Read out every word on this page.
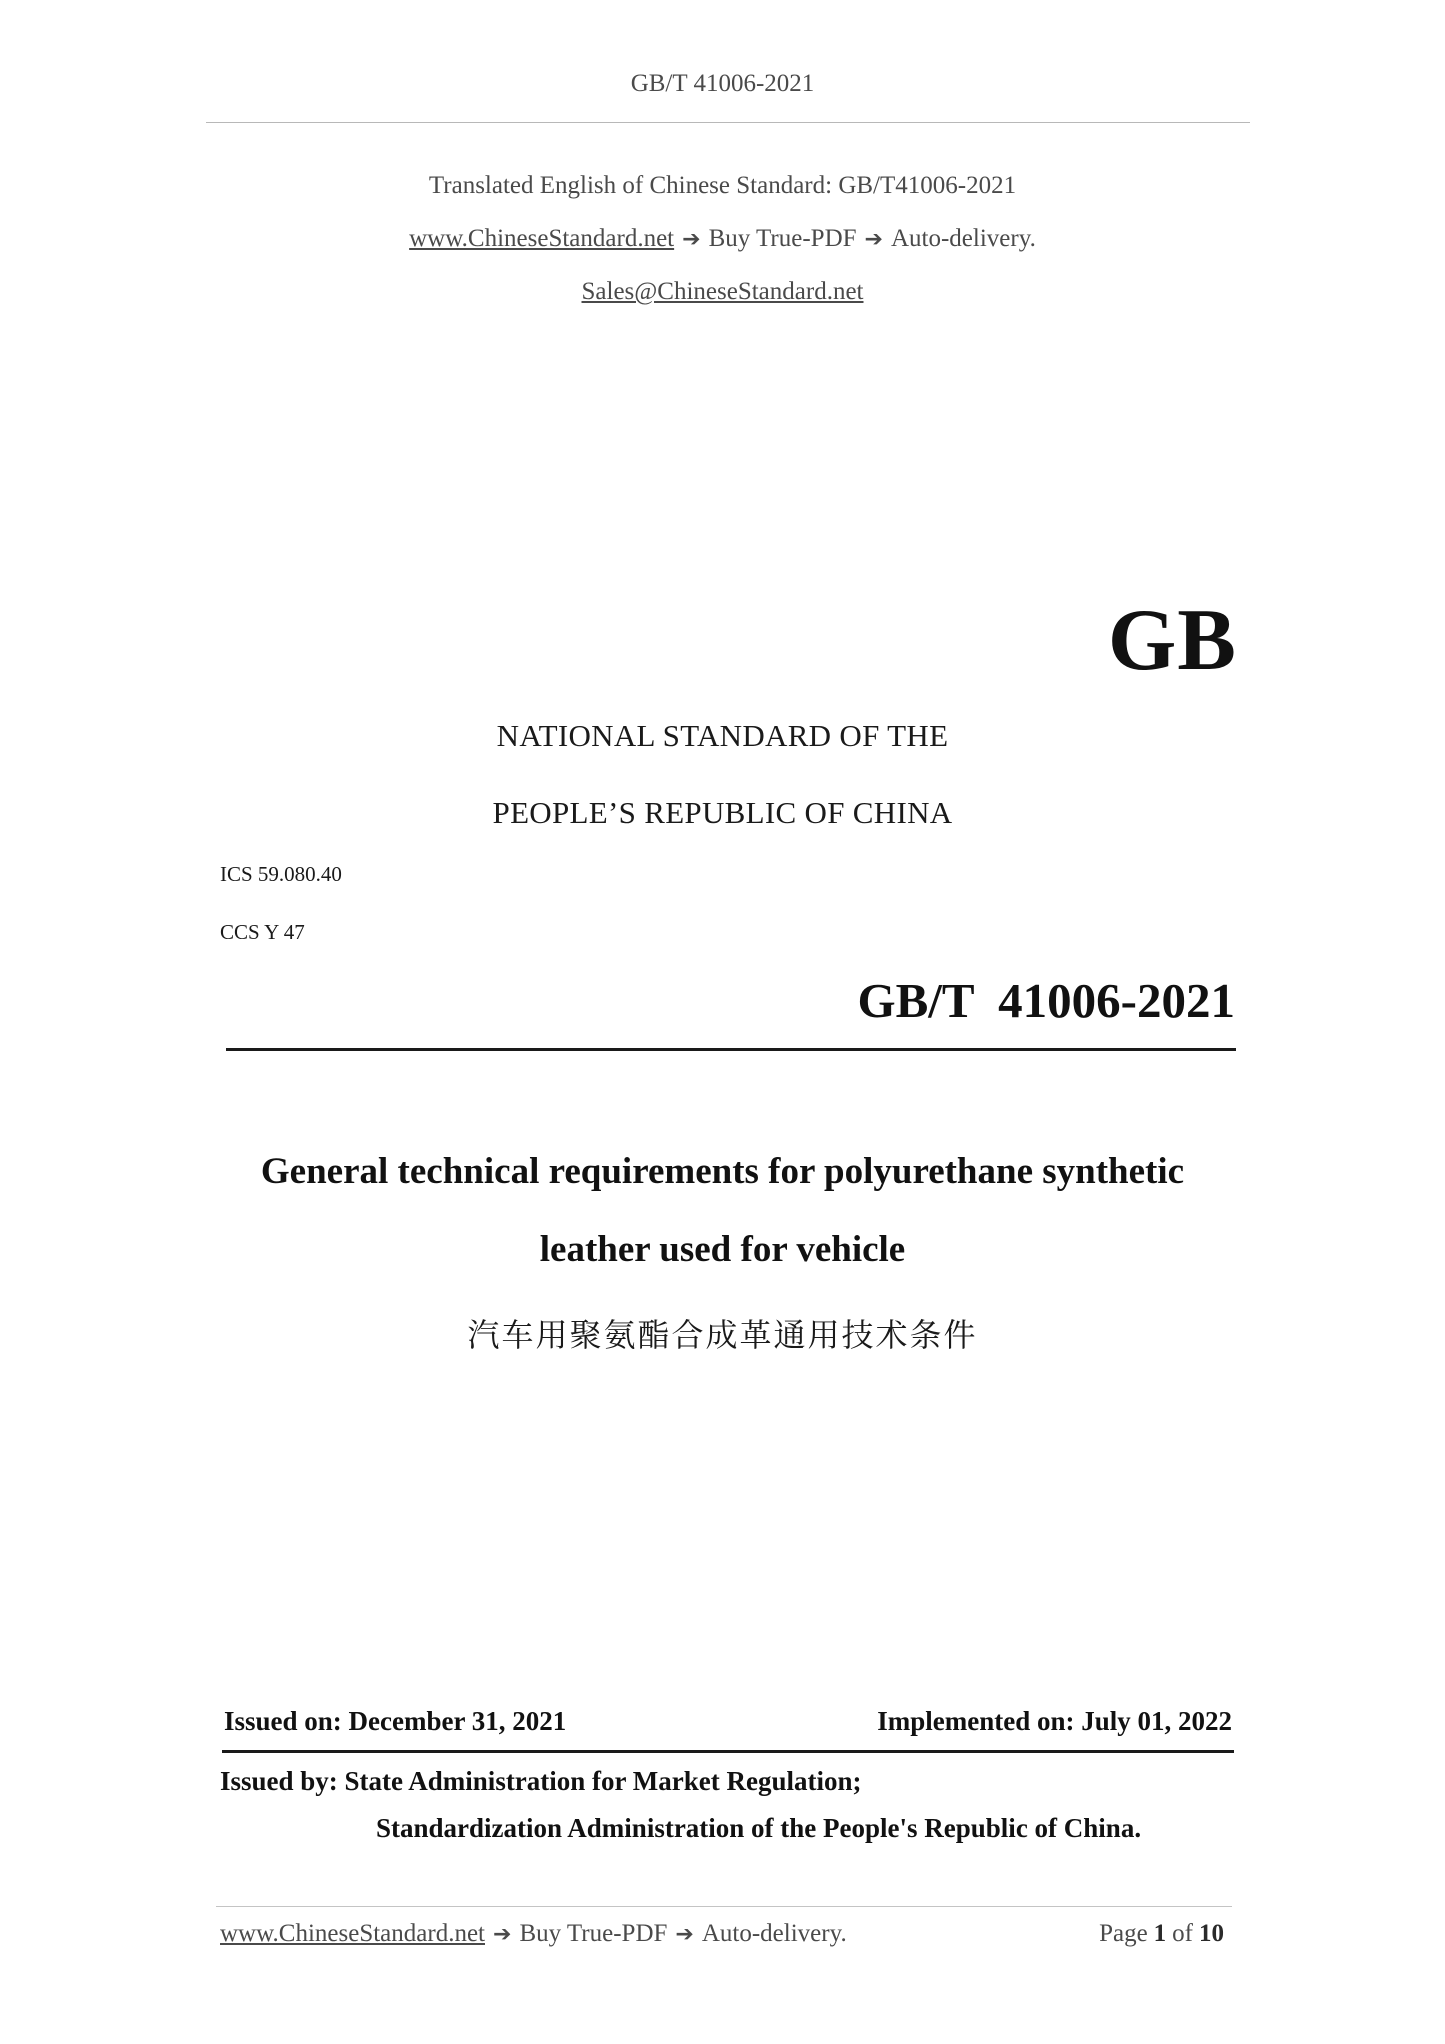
GB/T 41006-2021
Translated English of Chinese Standard: GB/T41006-2021
www.ChineseStandard.net ➔ Buy True-PDF ➔ Auto-delivery.
Sales@ChineseStandard.net
GB
NATIONAL STANDARD OF THE
PEOPLE’S REPUBLIC OF CHINA
ICS 59.080.40
CCS Y 47
GB/T  41006-2021
General technical requirements for polyurethane synthetic
leather used for vehicle
汽车用聚氨酯合成革通用技术条件
Issued on: December 31, 2021	Implemented on: July 01, 2022
Issued by: State Administration for Market Regulation;
Standardization Administration of the People's Republic of China.
www.ChineseStandard.net ➔ Buy True-PDF ➔ Auto-delivery.	Page 1 of 10
